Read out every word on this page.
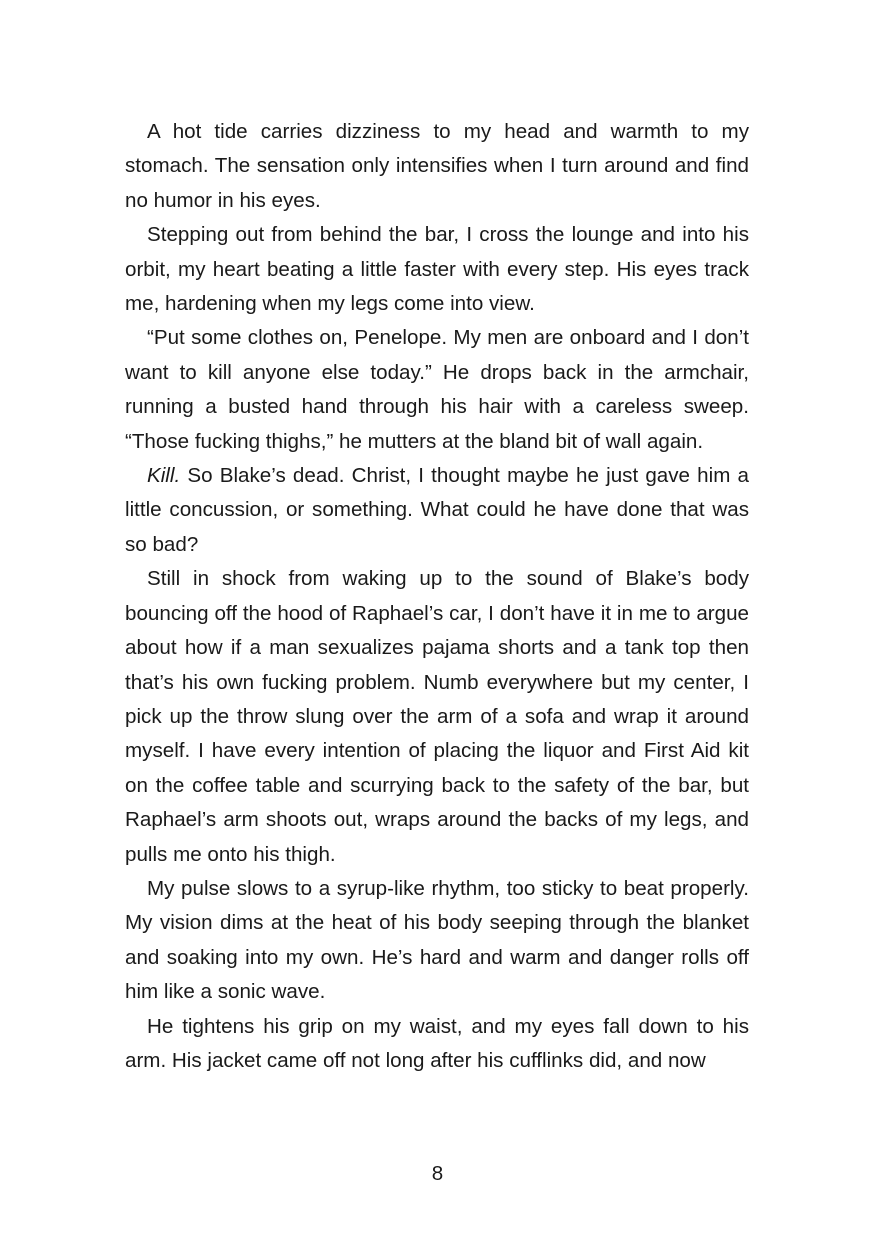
A hot tide carries dizziness to my head and warmth to my stomach. The sensation only intensifies when I turn around and find no humor in his eyes.

Stepping out from behind the bar, I cross the lounge and into his orbit, my heart beating a little faster with every step. His eyes track me, hardening when my legs come into view.

“Put some clothes on, Penelope. My men are onboard and I don’t want to kill anyone else today.” He drops back in the armchair, running a busted hand through his hair with a careless sweep. “Those fucking thighs,” he mutters at the bland bit of wall again.

Kill. So Blake’s dead. Christ, I thought maybe he just gave him a little concussion, or something. What could he have done that was so bad?

Still in shock from waking up to the sound of Blake’s body bouncing off the hood of Raphael’s car, I don’t have it in me to argue about how if a man sexualizes pajama shorts and a tank top then that’s his own fucking problem. Numb everywhere but my center, I pick up the throw slung over the arm of a sofa and wrap it around myself. I have every intention of placing the liquor and First Aid kit on the coffee table and scurrying back to the safety of the bar, but Raphael’s arm shoots out, wraps around the backs of my legs, and pulls me onto his thigh.

My pulse slows to a syrup-like rhythm, too sticky to beat properly. My vision dims at the heat of his body seeping through the blanket and soaking into my own. He’s hard and warm and danger rolls off him like a sonic wave.

He tightens his grip on my waist, and my eyes fall down to his arm. His jacket came off not long after his cufflinks did, and now

8
